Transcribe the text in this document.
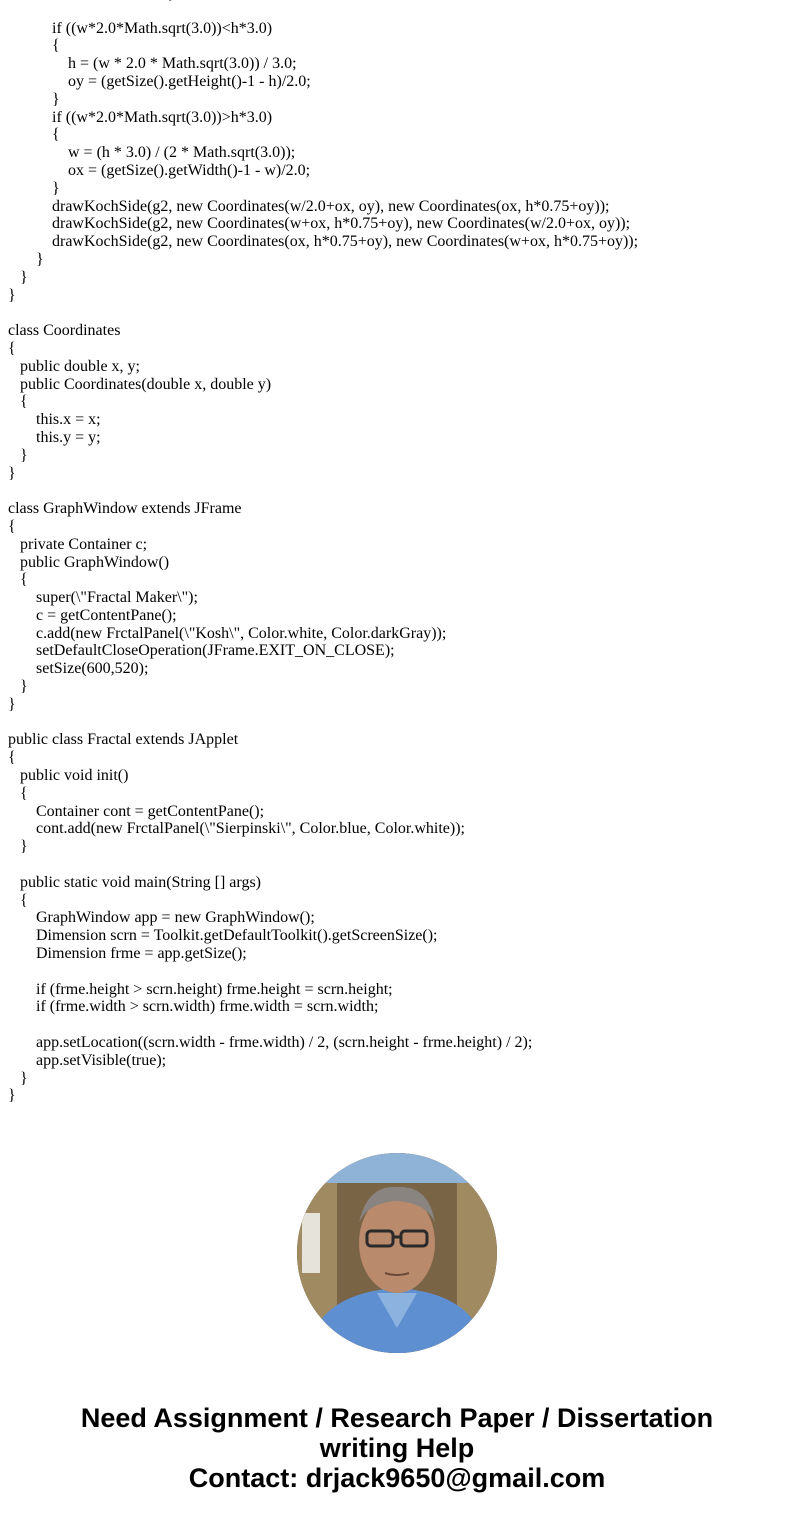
if ((w*2.0*Math.sqrt(3.0))<h*3.0)
{
h = (w * 2.0 * Math.sqrt(3.0)) / 3.0;
oy = (getSize().getHeight()-1 - h)/2.0;
}
if ((w*2.0*Math.sqrt(3.0))>h*3.0)
{
w = (h * 3.0) / (2 * Math.sqrt(3.0));
ox = (getSize().getWidth()-1 - w)/2.0;
}
drawKochSide(g2, new Coordinates(w/2.0+ox, oy), new Coordinates(ox, h*0.75+oy));
drawKochSide(g2, new Coordinates(w+ox, h*0.75+oy), new Coordinates(w/2.0+ox, oy));
drawKochSide(g2, new Coordinates(ox, h*0.75+oy), new Coordinates(w+ox, h*0.75+oy));
}
}
}
class Coordinates
{
public double x, y;
public Coordinates(double x, double y)
{
this.x = x;
this.y = y;
}
}
class GraphWindow extends JFrame
{
private Container c;
public GraphWindow()
{
super(\"Fractal Maker\");
c = getContentPane();
c.add(new FrctalPanel(\"Kosh\", Color.white, Color.darkGray));
setDefaultCloseOperation(JFrame.EXIT_ON_CLOSE);
setSize(600,520);
}
}
public class Fractal extends JApplet
{
public void init()
{
Container cont = getContentPane();
cont.add(new FrctalPanel(\"Sierpinski\", Color.blue, Color.white));
}
public static void main(String [] args)
{
GraphWindow app = new GraphWindow();
Dimension scrn = Toolkit.getDefaultToolkit().getScreenSize();
Dimension frme = app.getSize();
if (frme.height > scrn.height) frme.height = scrn.height;
if (frme.width > scrn.width) frme.width = scrn.width;
app.setLocation((scrn.width - frme.width) / 2, (scrn.height - frme.height) / 2);
app.setVisible(true);
}
}
Need Assignment / Research Paper / Dissertation
writing Help
Contact: drjack9650@gmail.com
